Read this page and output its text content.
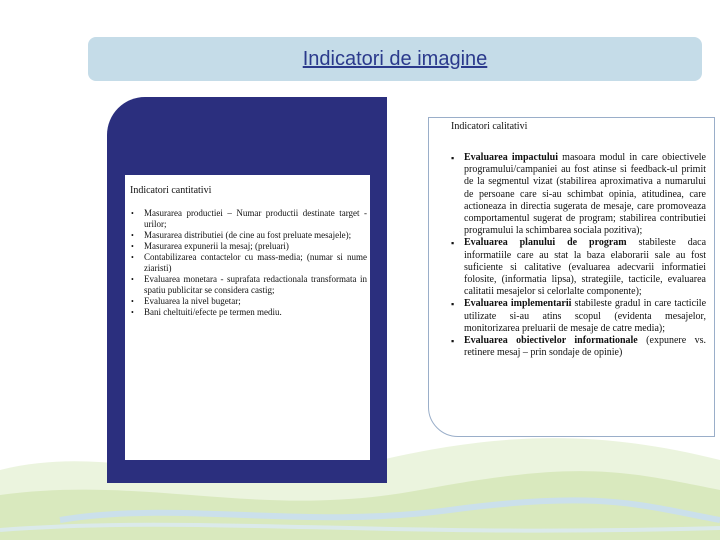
Indicatori de imagine
Indicatori cantitativi
• Masurarea productiei – Numar productii destinate target -urilor;
• Masurarea distributiei (de cine au fost preluate mesajele);
• Masurarea expunerii la mesaj; (preluari)
• Contabilizarea contactelor cu mass-media; (numar si nume ziaristi)
• Evaluarea monetara - suprafata redactionala transformata in spatiu publicitar se considera castig;
• Evaluarea la nivel bugetar;
• Bani cheltuiti/efecte pe termen mediu.
Indicatori calitativi
▪ Evaluarea impactului masoara modul in care obiectivele programului/campaniei au fost atinse si feedback-ul primit de la segmentul vizat (stabilirea aproximativa a numarului de persoane care si-au schimbat opinia, atitudinea, care actioneaza in directia sugerata de mesaje, care promoveaza comportamentul sugerat de program; stabilirea contributiei programului la schimbarea sociala pozitiva);
▪ Evaluarea planului de program stabileste daca informatiile care au stat la baza elaborarii sale au fost suficiente si calitative (evaluarea adecvarii informatiei folosite, (informatia lipsa), strategiile, tacticile, evaluarea calitatii mesajelor si celorlalte componente);
▪ Evaluarea implementarii stabileste gradul in care tacticile utilizate si-au atins scopul (evidenta mesajelor, monitorizarea preluarii de mesaje de catre media);
▪ Evaluarea obiectivelor informationale (expunere vs. retinere mesaj – prin sondaje de opinie)
